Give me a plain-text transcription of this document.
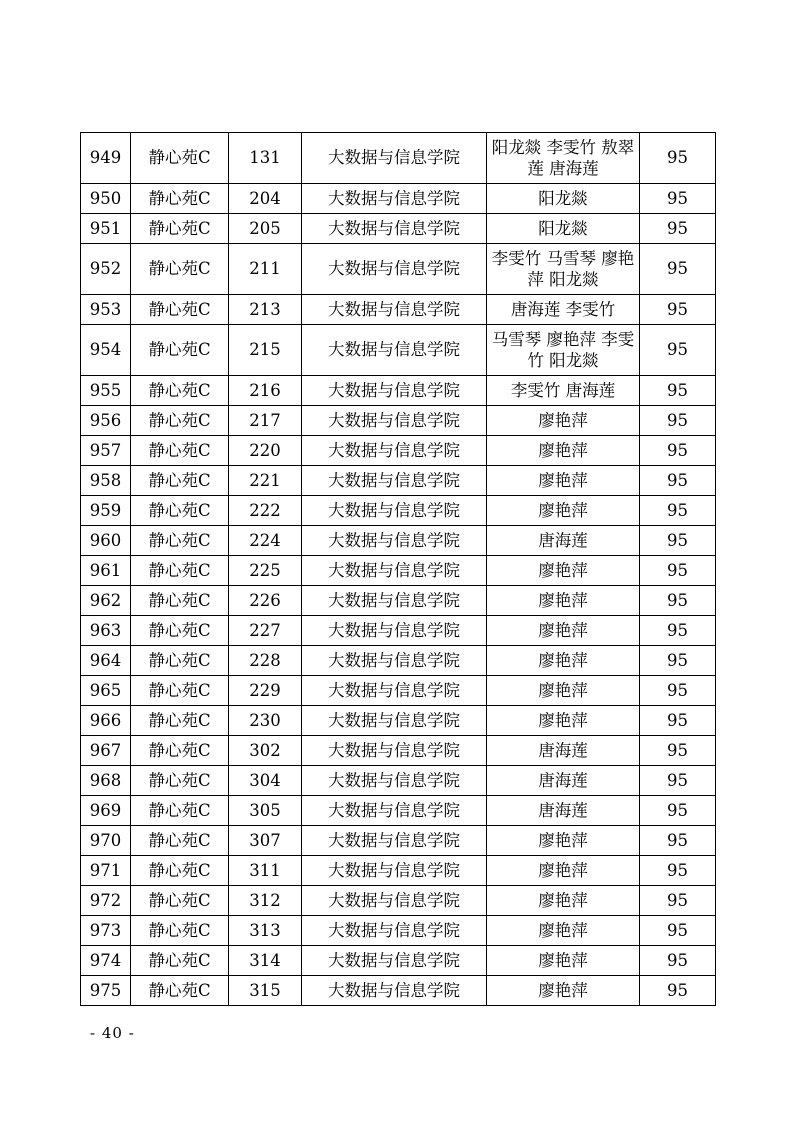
949	静心苑C	131	大数据与信息学院	阳龙燚 李雯竹 敖翠莲 唐海莲	95
950	静心苑C	204	大数据与信息学院	阳龙燚	95
951	静心苑C	205	大数据与信息学院	阳龙燚	95
952	静心苑C	211	大数据与信息学院	李雯竹 马雪琴 廖艳萍 阳龙燚	95
953	静心苑C	213	大数据与信息学院	唐海莲 李雯竹	95
954	静心苑C	215	大数据与信息学院	马雪琴 廖艳萍 李雯竹 阳龙燚	95
955	静心苑C	216	大数据与信息学院	李雯竹 唐海莲	95
956	静心苑C	217	大数据与信息学院	廖艳萍	95
957	静心苑C	220	大数据与信息学院	廖艳萍	95
958	静心苑C	221	大数据与信息学院	廖艳萍	95
959	静心苑C	222	大数据与信息学院	廖艳萍	95
960	静心苑C	224	大数据与信息学院	唐海莲	95
961	静心苑C	225	大数据与信息学院	廖艳萍	95
962	静心苑C	226	大数据与信息学院	廖艳萍	95
963	静心苑C	227	大数据与信息学院	廖艳萍	95
964	静心苑C	228	大数据与信息学院	廖艳萍	95
965	静心苑C	229	大数据与信息学院	廖艳萍	95
966	静心苑C	230	大数据与信息学院	廖艳萍	95
967	静心苑C	302	大数据与信息学院	唐海莲	95
968	静心苑C	304	大数据与信息学院	唐海莲	95
969	静心苑C	305	大数据与信息学院	唐海莲	95
970	静心苑C	307	大数据与信息学院	廖艳萍	95
971	静心苑C	311	大数据与信息学院	廖艳萍	95
972	静心苑C	312	大数据与信息学院	廖艳萍	95
973	静心苑C	313	大数据与信息学院	廖艳萍	95
974	静心苑C	314	大数据与信息学院	廖艳萍	95
975	静心苑C	315	大数据与信息学院	廖艳萍	95
- 40 -
